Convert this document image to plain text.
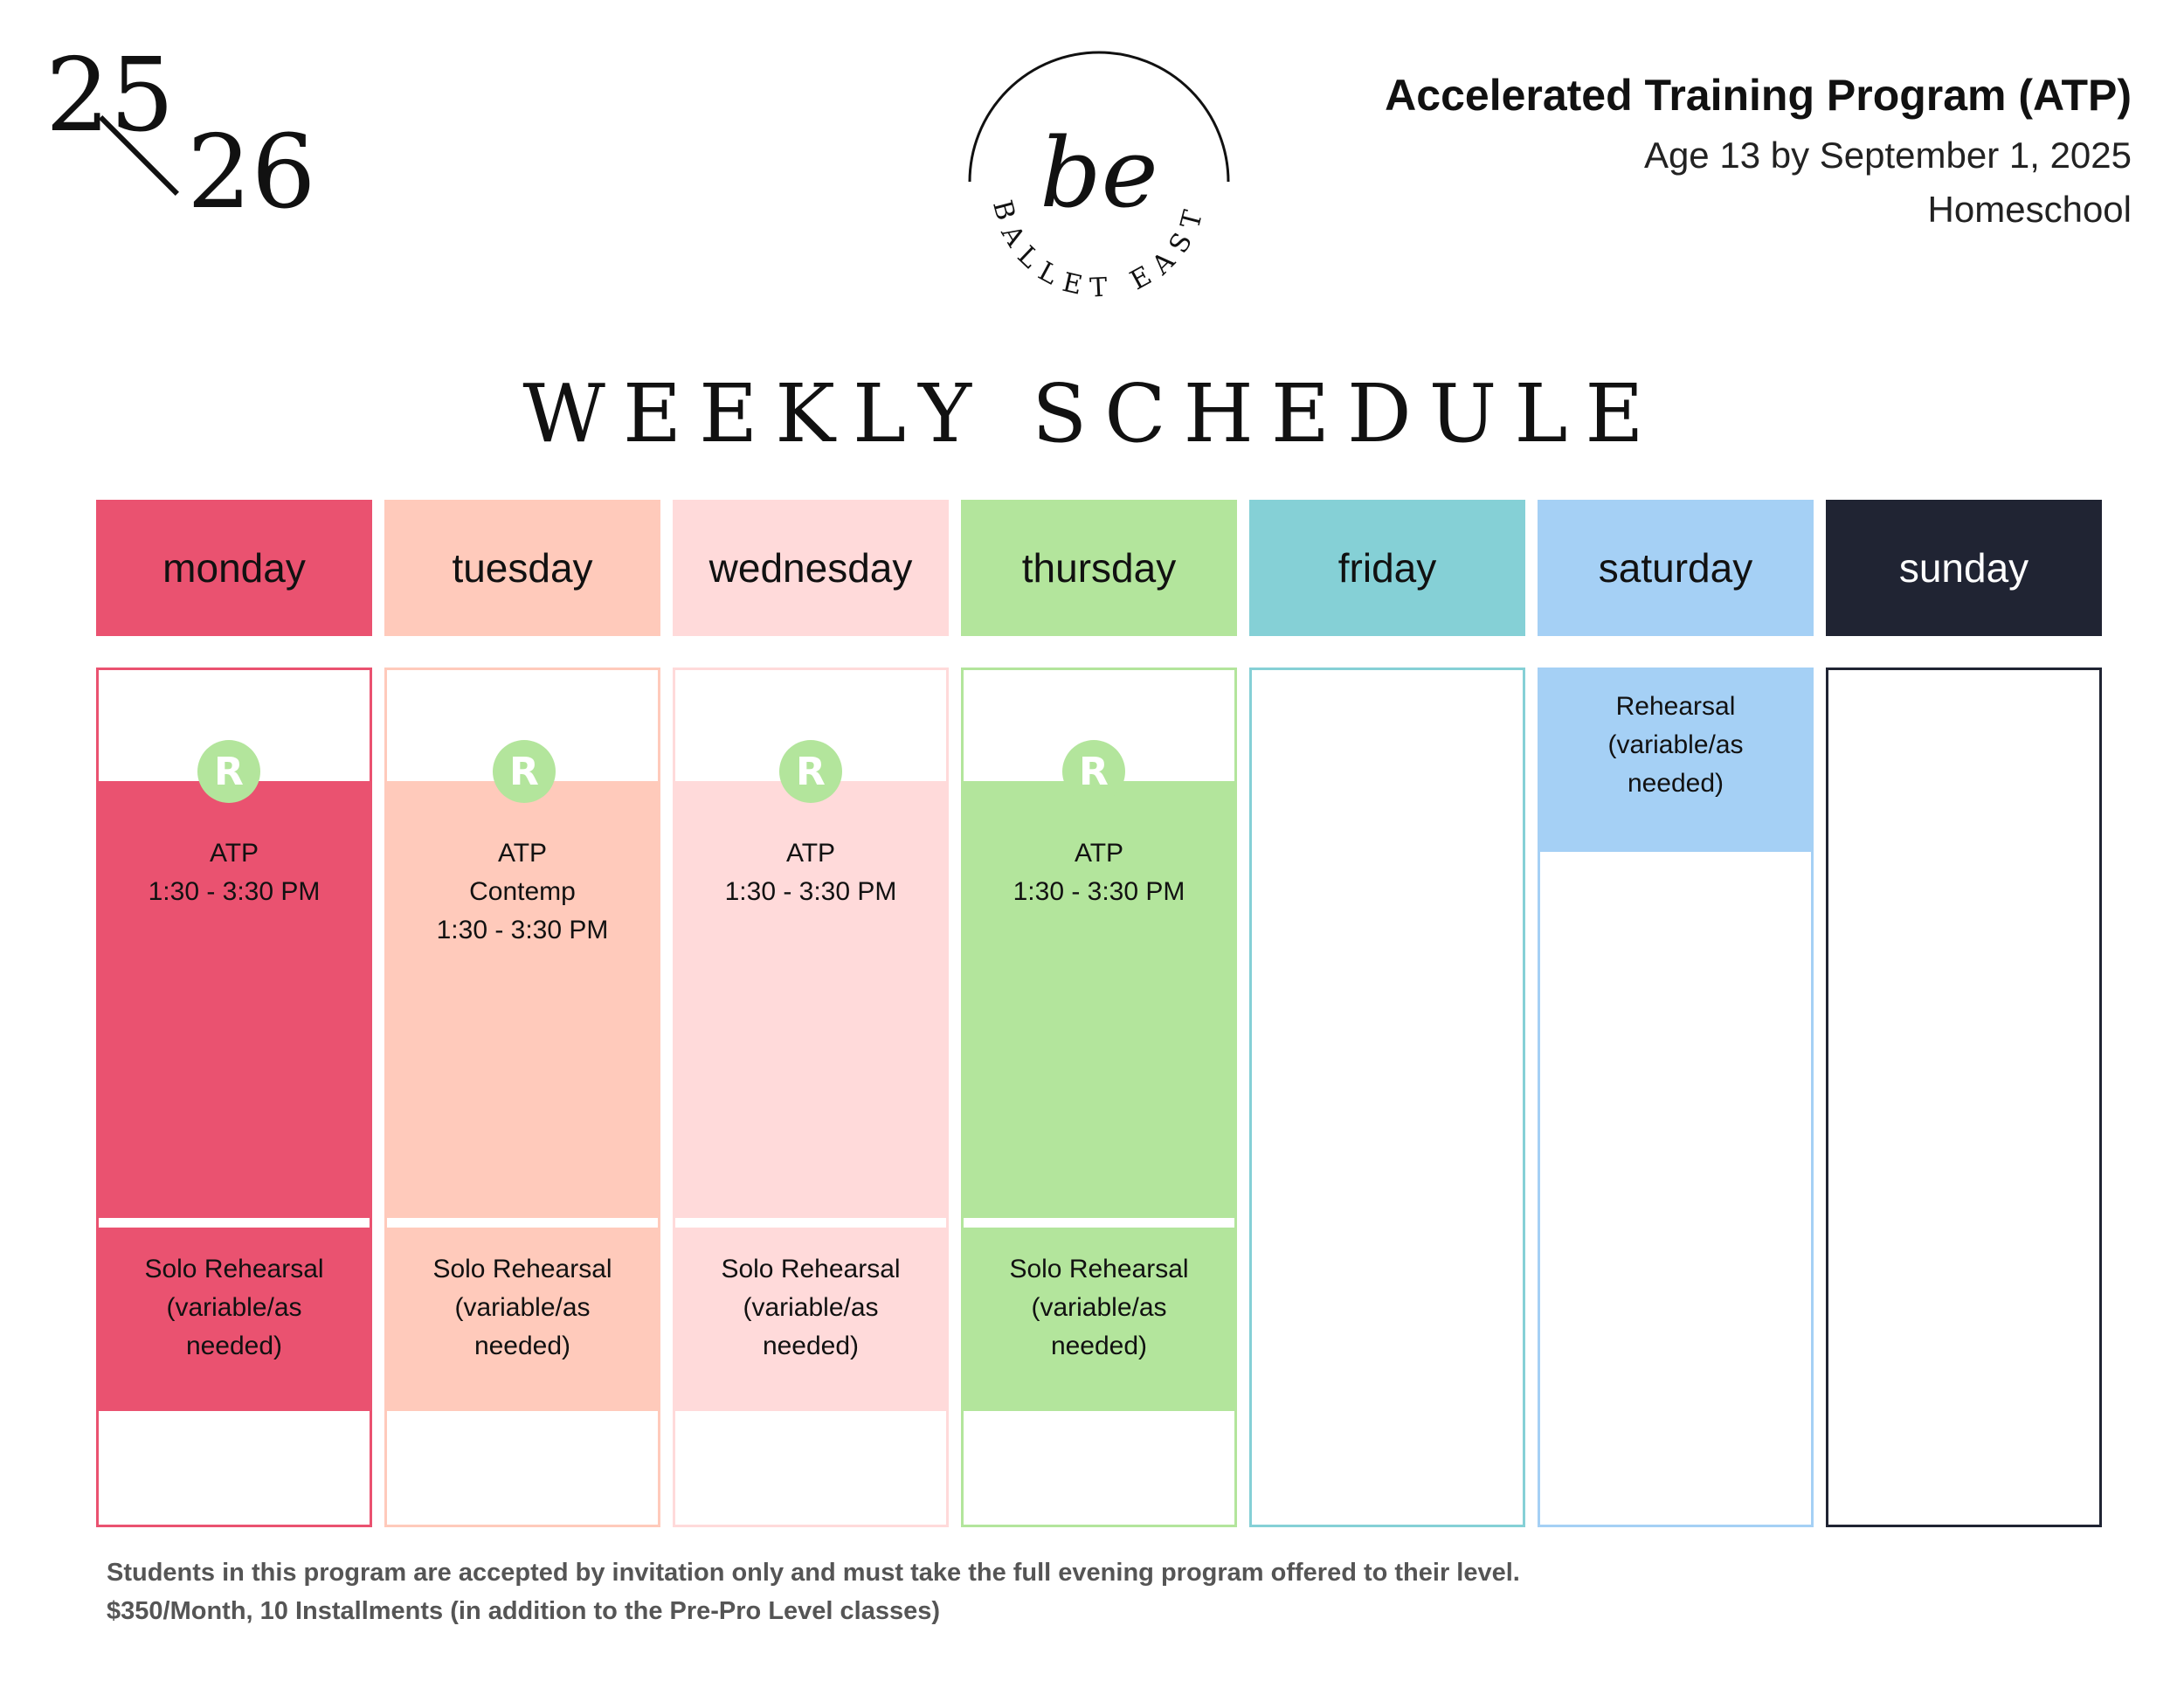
25
26	be
BALLET EAST
Accelerated Training Program (ATP)
Age 13 by September 1, 2025
Homeschool
WEEKLY SCHEDULE
monday
R
ATP
1:30 - 3:30 PM
Solo Rehearsal
(variable/as
needed)
tuesday
R
ATP
Contemp
1:30 - 3:30 PM
Solo Rehearsal
(variable/as
needed)
wednesday
R
ATP
1:30 - 3:30 PM
Solo Rehearsal
(variable/as
needed)
thursday
R
ATP
1:30 - 3:30 PM
Solo Rehearsal
(variable/as
needed)
friday	saturday
Rehearsal
(variable/as
needed)
sunday
Students in this program are accepted by invitation only and must take the full evening program offered to their level.
$350/Month, 10 Installments (in addition to the Pre-Pro Level classes)
